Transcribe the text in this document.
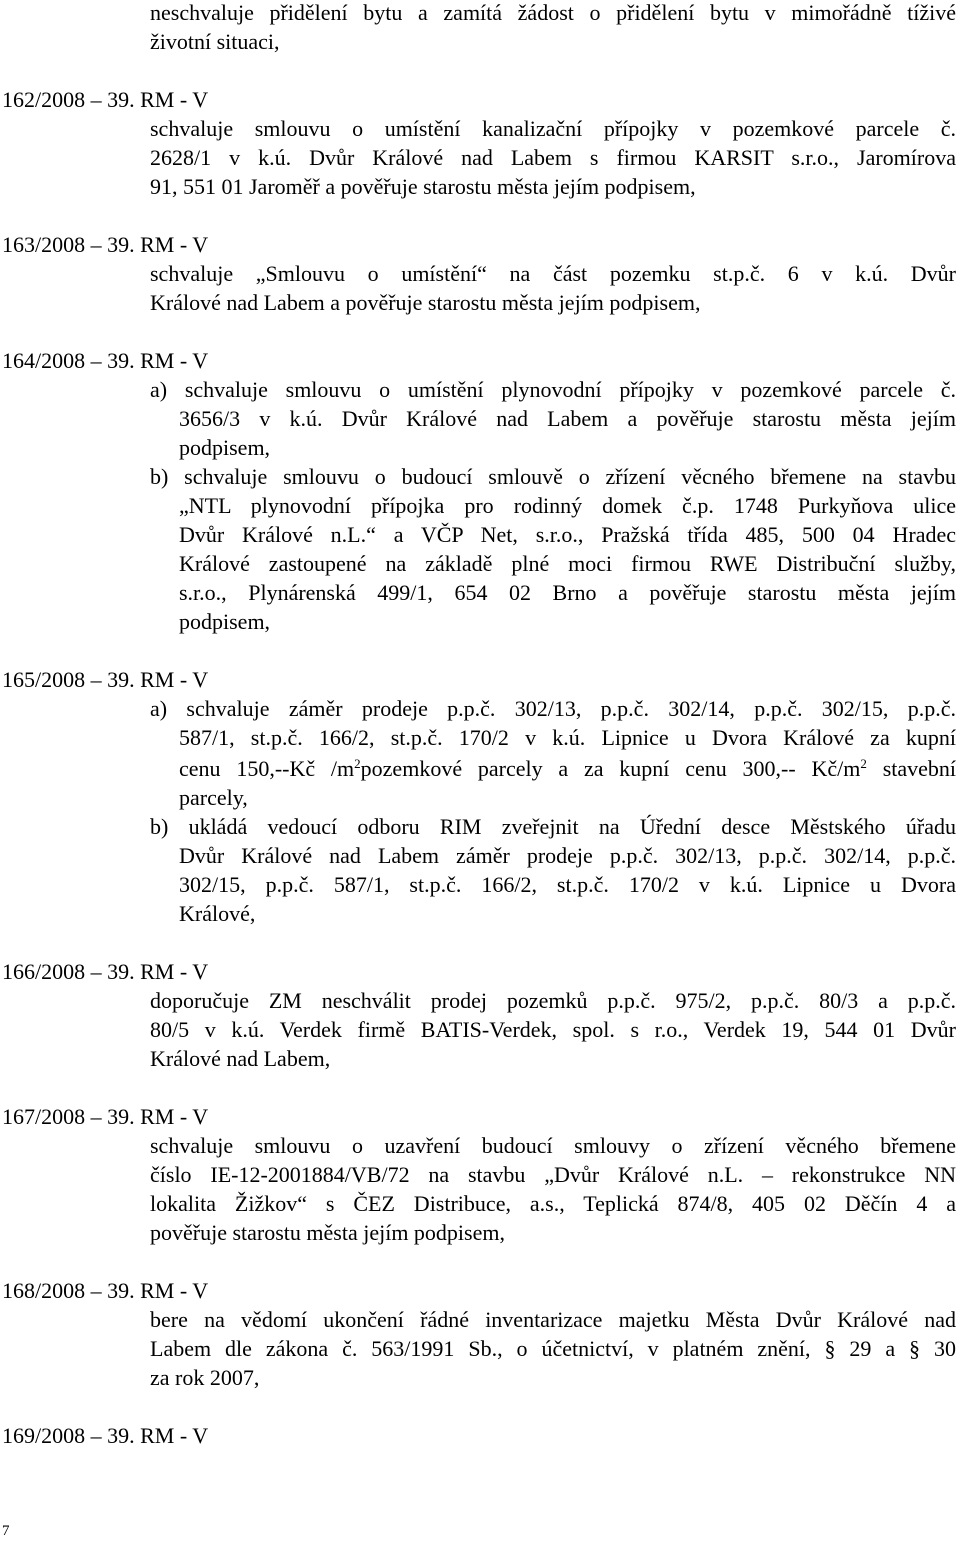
neschvaluje přidělení bytu a zamítá žádost o přidělení bytu v mimořádně tíživé
životní situaci,
162/2008 – 39. RM - V
schvaluje smlouvu o umístění kanalizační přípojky v pozemkové parcele č.
2628/1 v k.ú. Dvůr Králové nad Labem s firmou KARSIT s.r.o., Jaromírova
91, 551 01 Jaroměř a pověřuje starostu města jejím podpisem,
163/2008 – 39. RM - V
schvaluje „Smlouvu o umístění“ na část pozemku st.p.č. 6 v k.ú. Dvůr
Králové nad Labem a pověřuje starostu města jejím podpisem,
164/2008 – 39. RM - V
a) schvaluje smlouvu o umístění plynovodní přípojky v pozemkové parcele č.
3656/3 v k.ú. Dvůr Králové nad Labem a pověřuje starostu města jejím
podpisem,
b) schvaluje smlouvu o budoucí smlouvě o zřízení věcného břemene na stavbu
„NTL plynovodní přípojka pro rodinný domek č.p. 1748 Purkyňova ulice
Dvůr Králové n.L.“ a VČP Net, s.r.o., Pražská třída 485, 500 04 Hradec
Králové zastoupené na základě plné moci firmou RWE Distribuční služby,
s.r.o., Plynárenská 499/1, 654 02 Brno a pověřuje starostu města jejím
podpisem,
165/2008 – 39. RM - V
a) schvaluje záměr prodeje p.p.č. 302/13, p.p.č. 302/14, p.p.č. 302/15, p.p.č.
587/1, st.p.č. 166/2, st.p.č. 170/2 v k.ú. Lipnice u Dvora Králové za kupní
cenu 150,--Kč $/m^2pozemkové$ parcely a za kupní cenu 300,-- $Kč/m^2$ stavební
parcely,
b) ukládá vedoucí odboru RIM zveřejnit na Úřední desce Městského úřadu
Dvůr Králové nad Labem záměr prodeje p.p.č. 302/13, p.p.č. 302/14, p.p.č.
302/15, p.p.č. 587/1, st.p.č. 166/2, st.p.č. 170/2 v k.ú. Lipnice u Dvora
Králové,
166/2008 – 39. RM - V
doporučuje ZM neschválit prodej pozemků p.p.č. 975/2, p.p.č. 80/3 a p.p.č.
80/5 v k.ú. Verdek firmě BATIS-Verdek, spol. s r.o., Verdek 19, 544 01 Dvůr
Králové nad Labem,
167/2008 – 39. RM - V
schvaluje smlouvu o uzavření budoucí smlouvy o zřízení věcného břemene
číslo IE-12-2001884/VB/72 na stavbu „Dvůr Králové n.L. – rekonstrukce NN
lokalita Žižkov“ s ČEZ Distribuce, a.s., Teplická 874/8, 405 02 Děčín 4 a
pověřuje starostu města jejím podpisem,
168/2008 – 39. RM - V
bere na vědomí ukončení řádné inventarizace majetku Města Dvůr Králové nad
Labem dle zákona č. 563/1991 Sb., o účetnictví, v platném znění, § 29 a § 30
za rok 2007,
169/2008 – 39. RM - V
7
